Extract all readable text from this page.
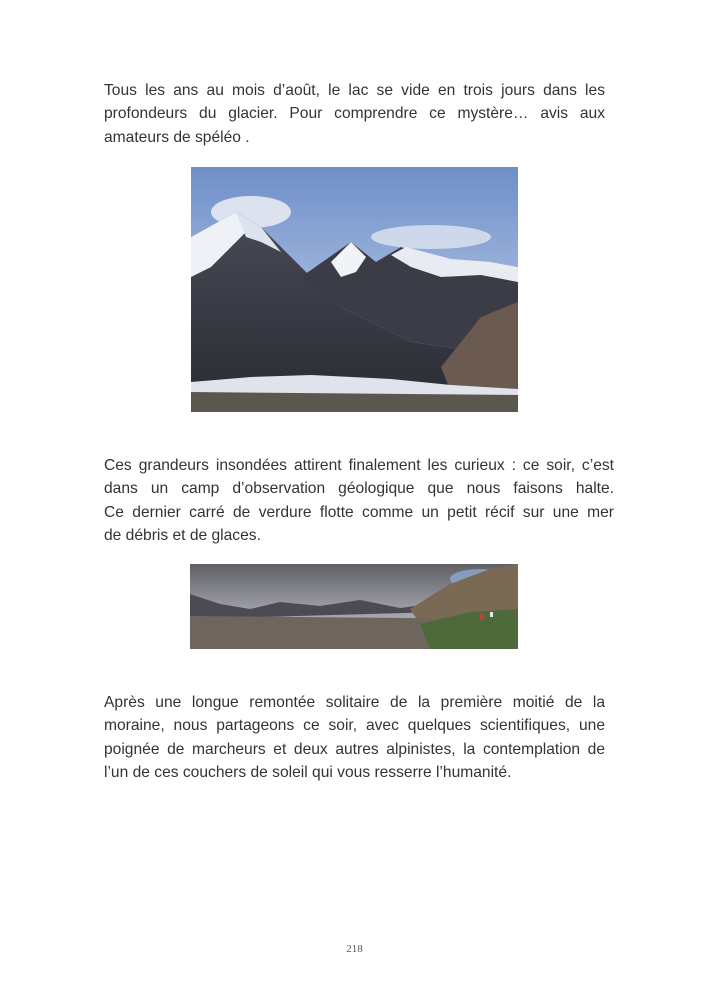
Tous les ans au mois d’août, le lac se vide en trois jours dans les
profondeurs du glacier. Pour comprendre ce mystère… avis aux
amateurs de spéléo .
Ces grandeurs insondées attirent finalement les curieux : ce soir, c’est
dans un camp d’observation géologique que nous faisons halte.
Ce dernier carré de verdure flotte comme un petit récif sur une mer
de débris et de glaces.
Après une longue remontée solitaire de la première moitié de la
moraine, nous partageons ce soir, avec quelques scientifiques, une
poignée de marcheurs et deux autres alpinistes, la contemplation de
l’un de ces couchers de soleil qui vous resserre l’humanité.
218
